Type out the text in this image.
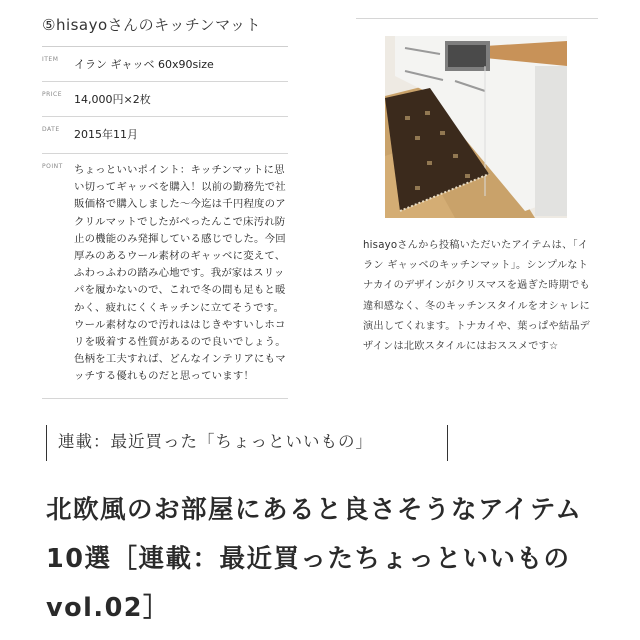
⑤hisayoさんのキッチンマット
ITEM イラン ギャッベ 60x90size
PRICE 14,000円×2枚
DATE 2015年11月
POINT ちょっといいポイント：キッチンマットに思い切ってギャッベを購入！以前の勤務先で社販価格で購入しました〜今迄は千円程度のアクリルマットでしたがぺったんこで床汚れ防止の機能のみ発揮している感じでした。今回厚みのあるウール素材のギャッベに変えて、ふわっふわの踏み心地です。我が家はスリッパを履かないので、これで冬の間も足もと暖かく、疲れにくくキッチンに立てそうです。ウール素材なので汚れははじきやすいしホコリを吸着する性質があるので良いでしょう。色柄を工夫すれば、どんなインテリアにもマッチする優れものだと思っています！
hisayoさんから投稿いただいたアイテムは、「イラン ギャッベのキッチンマット」。シンプルなトナカイのデザインがクリスマスを過ぎた時期でも違和感なく、冬のキッチンスタイルをオシャレに演出してくれます。トナカイや、葉っぱや結晶デザインは北欧スタイルにはおススメです☆
連載：最近買った「ちょっといいもの」
北欧風のお部屋にあると良さそうなアイテム10選［連載：最近買ったちょっといいもの vol.02］
